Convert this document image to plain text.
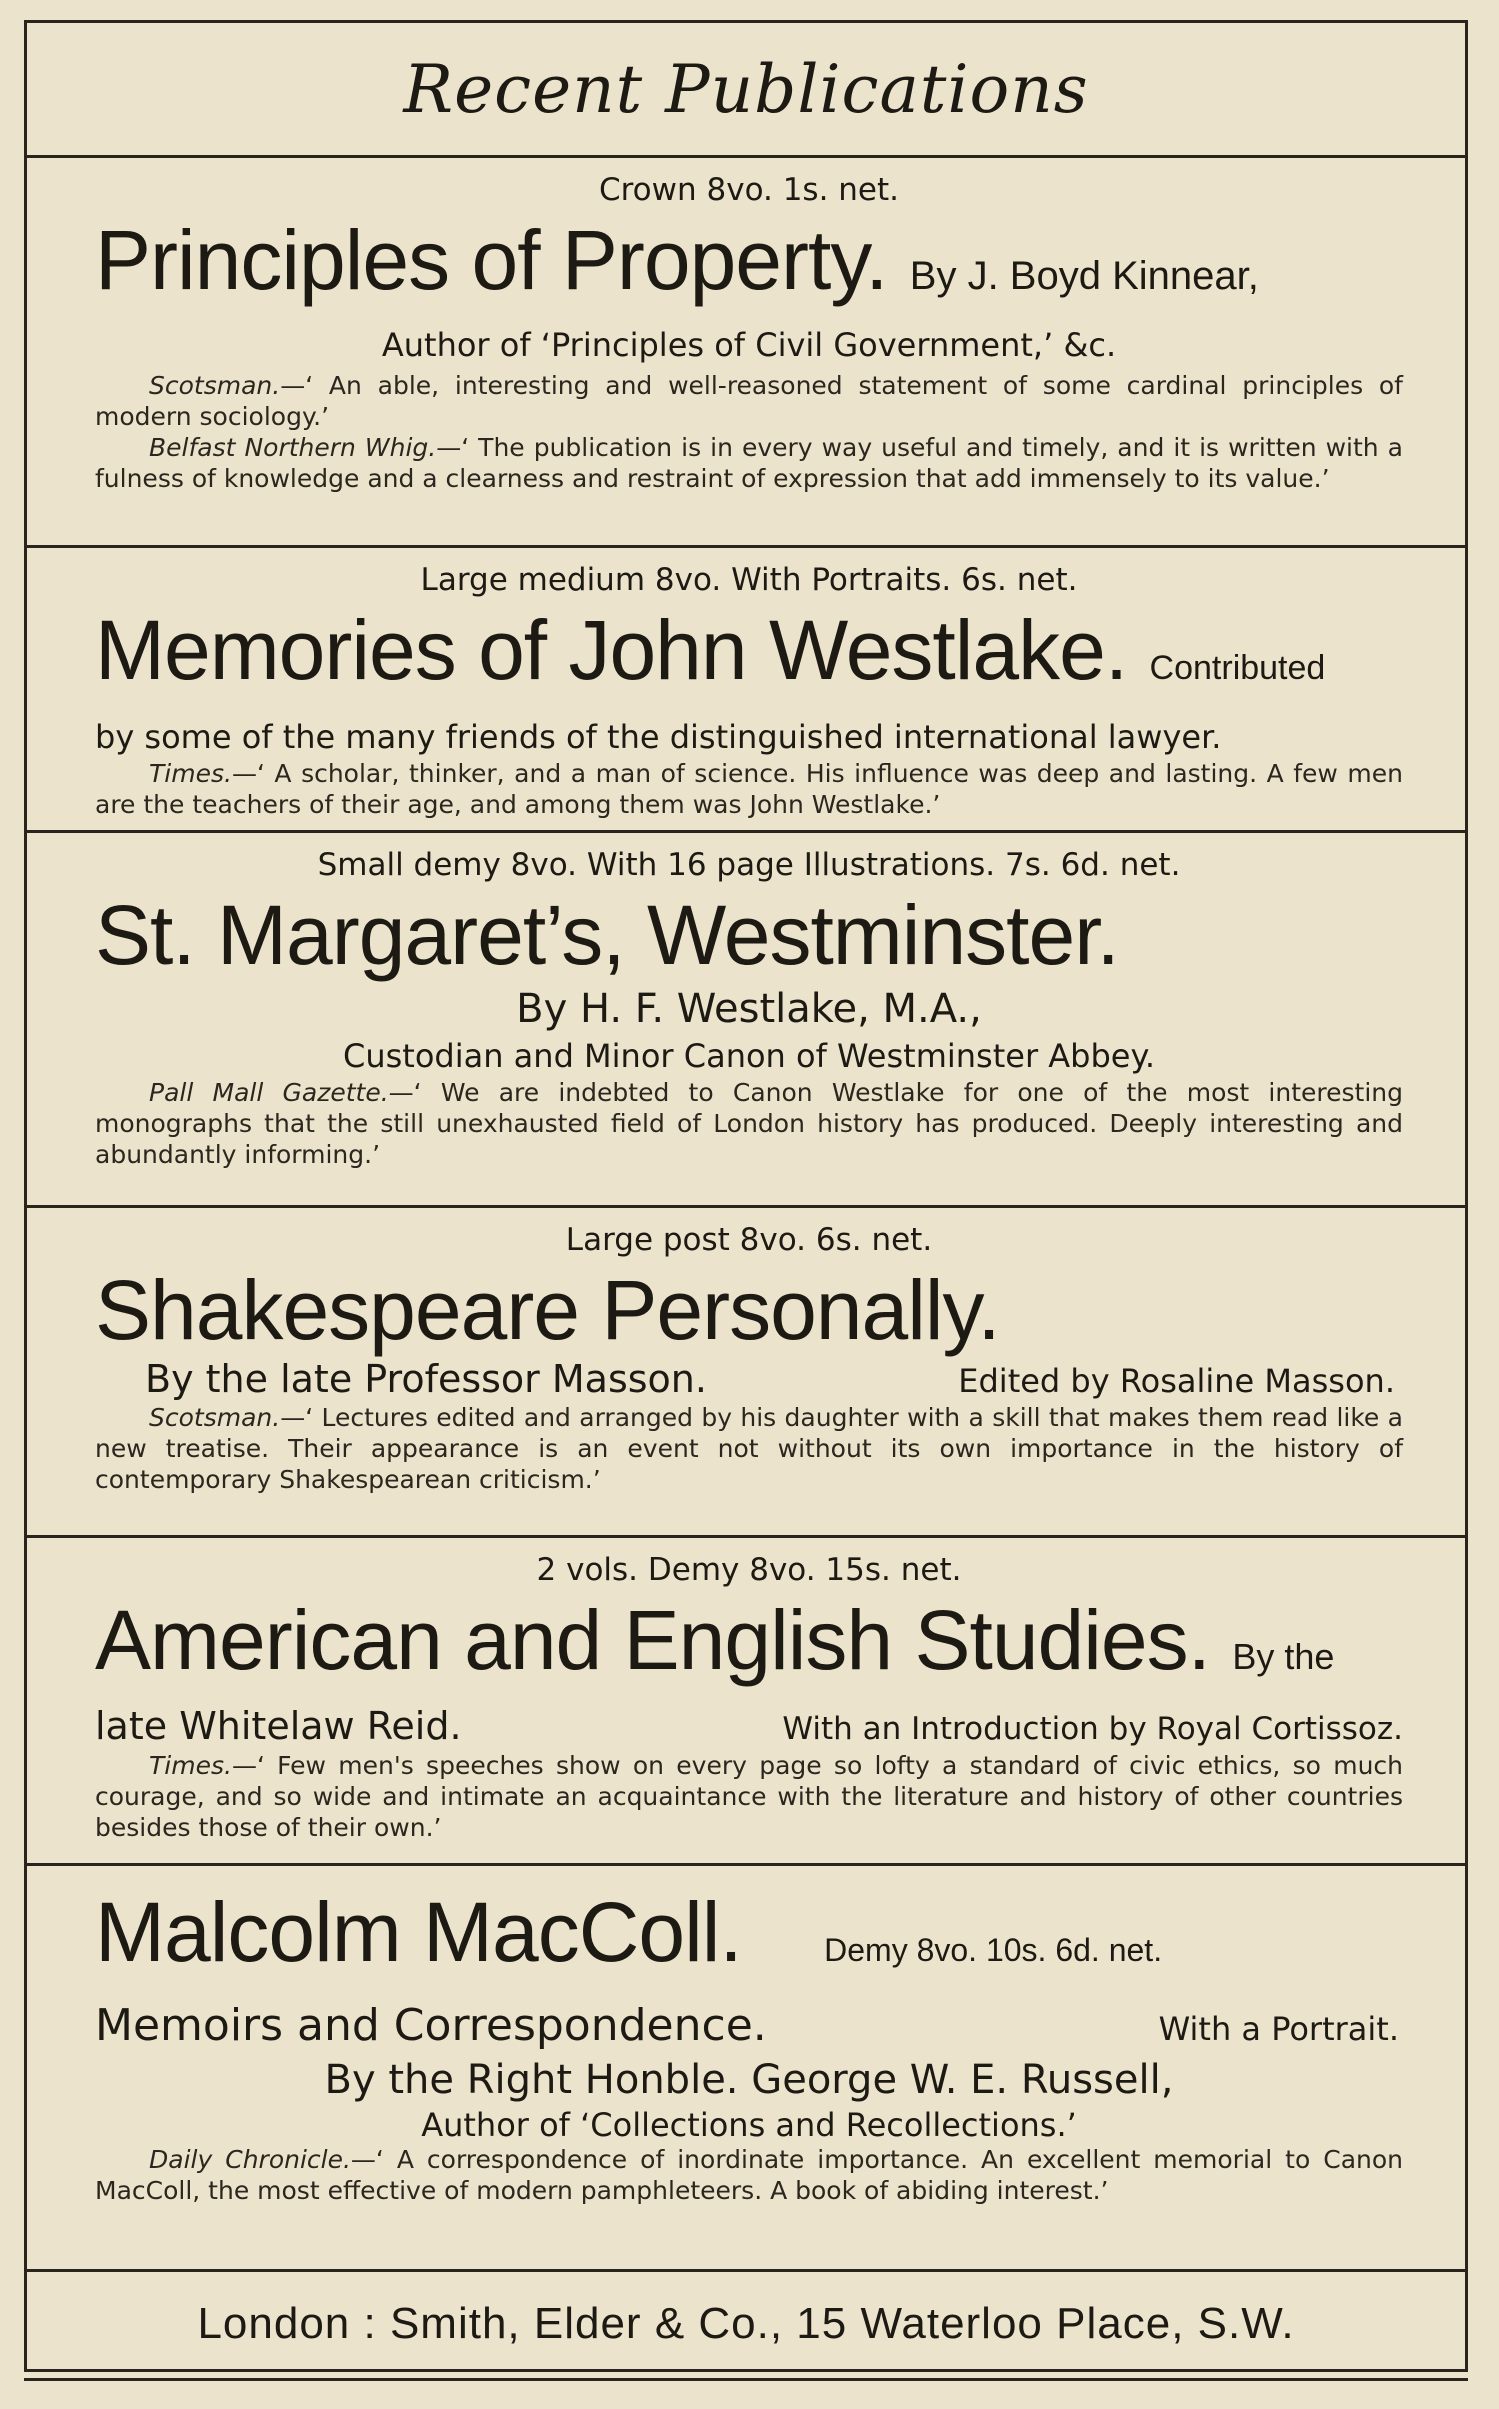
Recent Publications
Crown 8vo. 1s. net.
Principles of Property. By J. Boyd Kinnear,
Author of ‘Principles of Civil Government,’ &c.
Scotsman.—‘ An able, interesting and well-reasoned statement of some cardinal principles of modern sociology.’
Belfast Northern Whig.—‘ The publication is in every way useful and timely, and it is written with a fulness of knowledge and a clearness and restraint of expression that add immensely to its value.’
Large medium 8vo. With Portraits. 6s. net.
Memories of John Westlake. Contributed
by some of the many friends of the distinguished international lawyer.
Times.—‘ A scholar, thinker, and a man of science. His influence was deep and lasting. A few men are the teachers of their age, and among them was John Westlake.’
Small demy 8vo. With 16 page Illustrations. 7s. 6d. net.
St. Margaret’s, Westminster.
By H. F. Westlake, M.A.,
Custodian and Minor Canon of Westminster Abbey.
Pall Mall Gazette.—‘ We are indebted to Canon Westlake for one of the most interesting monographs that the still unexhausted field of London history has produced. Deeply interesting and abundantly informing.’
Large post 8vo. 6s. net.
Shakespeare Personally.
By the late Professor Masson.	Edited by Rosaline Masson.
Scotsman.—‘ Lectures edited and arranged by his daughter with a skill that makes them read like a new treatise. Their appearance is an event not without its own importance in the history of contemporary Shakespearean criticism.’
2 vols. Demy 8vo. 15s. net.
American and English Studies. By the
late Whitelaw Reid.	With an Introduction by Royal Cortissoz.
Times.—‘ Few men's speeches show on every page so lofty a standard of civic ethics, so much courage, and so wide and intimate an acquaintance with the literature and history of other countries besides those of their own.’
Malcolm MacColl.	Demy 8vo. 10s. 6d. net.
Memoirs and Correspondence.	With a Portrait.
By the Right Honble. George W. E. Russell,
Author of ‘Collections and Recollections.’
Daily Chronicle.—‘ A correspondence of inordinate importance. An excellent memorial to Canon MacColl, the most effective of modern pamphleteers. A book of abiding interest.’
London : Smith, Elder & Co., 15 Waterloo Place, S.W.
